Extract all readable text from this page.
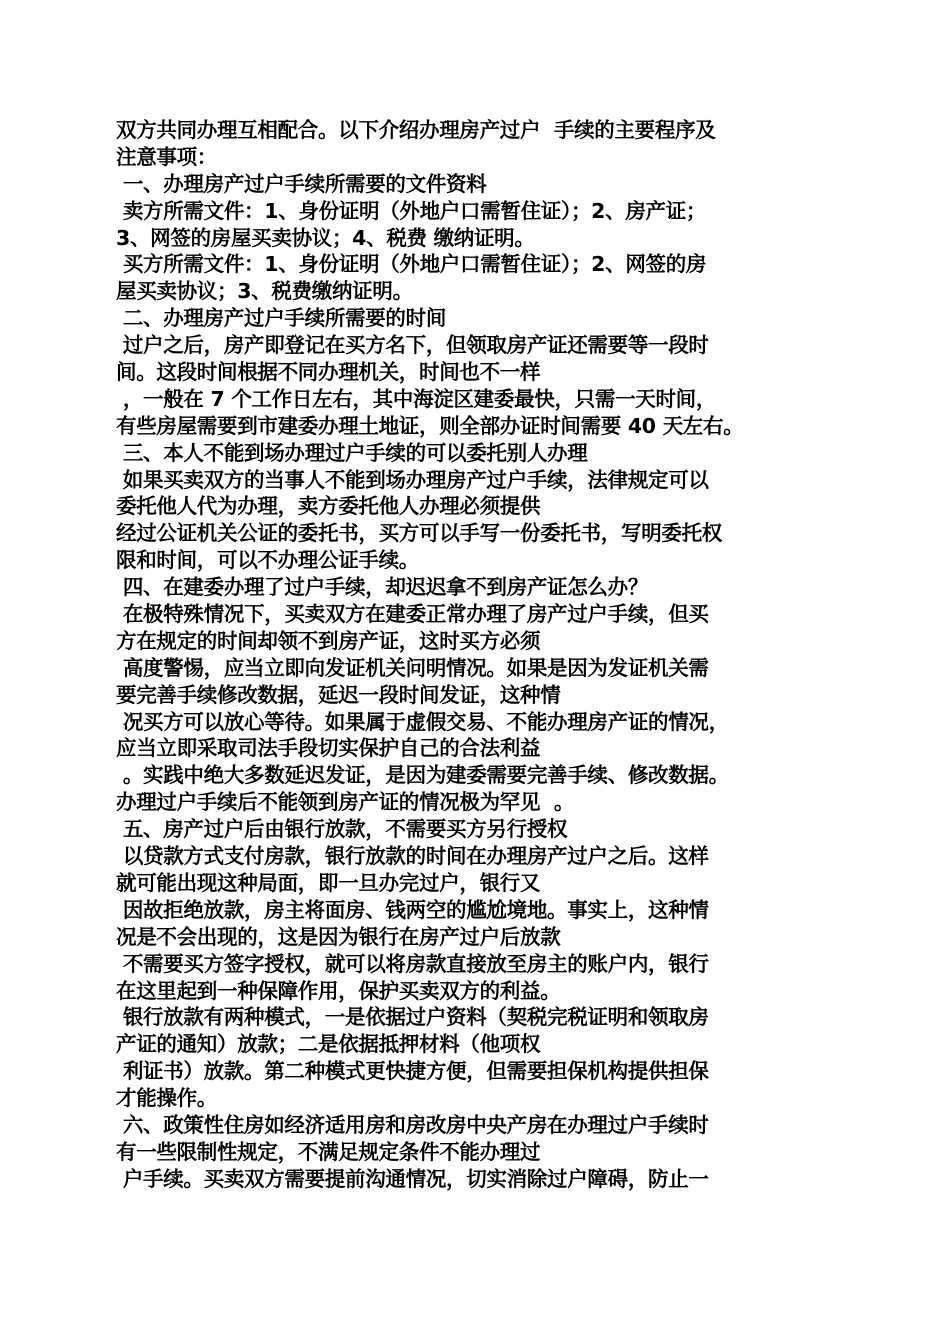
双方共同办理互相配合。以下介绍办理房产过户  手续的主要程序及
注意事项：
一、办理房产过户手续所需要的文件资料
卖方所需文件：1、身份证明（外地户口需暂住证）；2、房产证；
3、网签的房屋买卖协议；4、税费 缴纳证明。
买方所需文件：1、身份证明（外地户口需暂住证）；2、网签的房
屋买卖协议；3、税费缴纳证明。
二、办理房产过户手续所需要的时间
过户之后，房产即登记在买方名下，但领取房产证还需要等一段时
间。这段时间根据不同办理机关，时间也不一样
，一般在 7 个工作日左右，其中海淀区建委最快，只需一天时间，
有些房屋需要到市建委办理土地证，则全部办证时间需要 40 天左右。
三、本人不能到场办理过户手续的可以委托别人办理
如果买卖双方的当事人不能到场办理房产过户手续，法律规定可以
委托他人代为办理，卖方委托他人办理必须提供
经过公证机关公证的委托书，买方可以手写一份委托书，写明委托权
限和时间，可以不办理公证手续。
四、在建委办理了过户手续，却迟迟拿不到房产证怎么办？
在极特殊情况下，买卖双方在建委正常办理了房产过户手续，但买
方在规定的时间却领不到房产证，这时买方必须
高度警惕，应当立即向发证机关问明情况。如果是因为发证机关需
要完善手续修改数据，延迟一段时间发证，这种情
况买方可以放心等待。如果属于虚假交易、不能办理房产证的情况，
应当立即采取司法手段切实保护自己的合法利益
。实践中绝大多数延迟发证，是因为建委需要完善手续、修改数据。
办理过户手续后不能领到房产证的情况极为罕见  。
五、房产过户后由银行放款，不需要买方另行授权
以贷款方式支付房款，银行放款的时间在办理房产过户之后。这样
就可能出现这种局面，即一旦办完过户，银行又
因故拒绝放款，房主将面房、钱两空的尴尬境地。事实上，这种情
况是不会出现的，这是因为银行在房产过户后放款
不需要买方签字授权，就可以将房款直接放至房主的账户内，银行
在这里起到一种保障作用，保护买卖双方的利益。
银行放款有两种模式，一是依据过户资料（契税完税证明和领取房
产证的通知）放款；二是依据抵押材料（他项权
利证书）放款。第二种模式更快捷方便，但需要担保机构提供担保
才能操作。
六、政策性住房如经济适用房和房改房中央产房在办理过户手续时
有一些限制性规定，不满足规定条件不能办理过
户手续。买卖双方需要提前沟通情况，切实消除过户障碍，防止一
